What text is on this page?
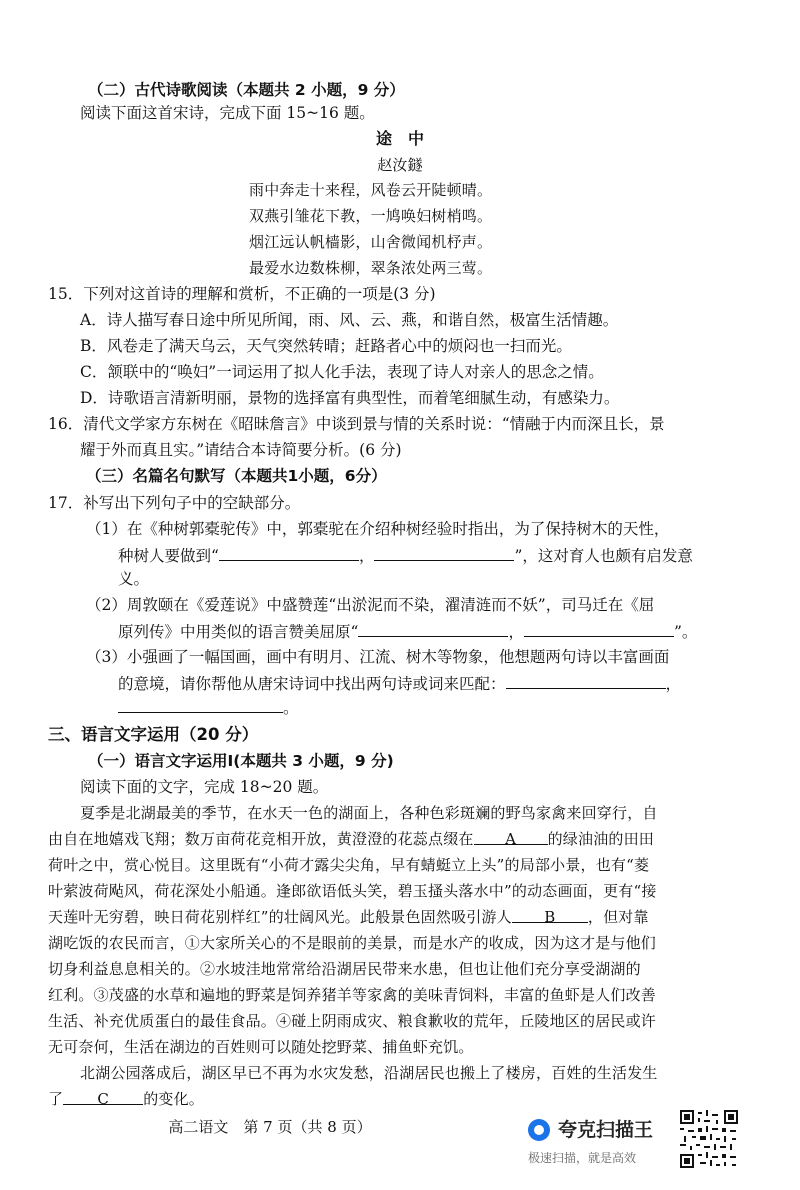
（二）古代诗歌阅读（本题共 2 小题，9 分）
阅读下面这首宋诗，完成下面 15~16 题。
途　中
赵汝鐩
雨中奔走十来程，风卷云开陡顿晴。
双燕引雏花下教，一鸠唤妇树梢鸣。
烟江远认帆樯影，山舍微闻机杼声。
最爱水边数株柳，翠条浓处两三莺。
15．下列对这首诗的理解和赏析，不正确的一项是(3 分)
A．诗人描写春日途中所见所闻，雨、风、云、燕，和谐自然，极富生活情趣。
B．风卷走了满天乌云，天气突然转晴；赶路者心中的烦闷也一扫而光。
C．颔联中的“唤妇”一词运用了拟人化手法，表现了诗人对亲人的思念之情。
D．诗歌语言清新明丽，景物的选择富有典型性，而着笔细腻生动，有感染力。
16．清代文学家方东树在《昭昧詹言》中谈到景与情的关系时说：“情融于内而深且长，景
耀于外而真且实。”请结合本诗简要分析。(6 分)
（三）名篇名句默写（本题共1小题，6分）
17．补写出下列句子中的空缺部分。
（1）在《种树郭橐驼传》中，郭橐驼在介绍种树经验时指出，为了保持树木的天性，
种树人要做到“	，	”，这对育人也颇有启发意
义。
（2）周敦颐在《爱莲说》中盛赞莲“出淤泥而不染，濯清涟而不妖”，司马迁在《屈
原列传》中用类似的语言赞美屈原“	，	”。
（3）小强画了一幅国画，画中有明月、江流、树木等物象，他想题两句诗以丰富画面
的意境，请你帮他从唐宋诗词中找出两句诗或词来匹配：	，
。
三、语言文字运用（20 分）
（一）语言文字运用Ⅰ(本题共 3 小题，9 分)
阅读下面的文字，完成 18~20 题。
夏季是北湖最美的季节，在水天一色的湖面上，各种色彩斑斓的野鸟家禽来回穿行，自
由自在地嬉戏飞翔；数万亩荷花竞相开放，黄澄澄的花蕊点缀在 A 的绿油油的田田
荷叶之中，赏心悦目。这里既有“小荷才露尖尖角，早有蜻蜓立上头”的局部小景，也有“菱
叶萦波荷飐风，荷花深处小船通。逢郎欲语低头笑，碧玉搔头落水中”的动态画面，更有“接
天莲叶无穷碧，映日荷花别样红”的壮阔风光。此般景色固然吸引游人 B ，但对靠
湖吃饭的农民而言，①大家所关心的不是眼前的美景，而是水产的收成，因为这才是与他们
切身利益息息相关的。②水坡洼地常常给沿湖居民带来水患，但也让他们充分享受湖湖的
红利。③茂盛的水草和遍地的野菜是饲养猪羊等家禽的美味青饲料，丰富的鱼虾是人们改善
生活、补充优质蛋白的最佳食品。④碰上阴雨成灾、粮食歉收的荒年，丘陵地区的居民或许
无可奈何，生活在湖边的百姓则可以随处挖野菜、捕鱼虾充饥。
高二语文　第 7 页（共 8 页）	夸克扫描王
极速扫描，就是高效
北湖公园落成后，湖区早已不再为水灾发愁，沿湖居民也搬上了楼房，百姓的生活发生
了 C 的变化。
